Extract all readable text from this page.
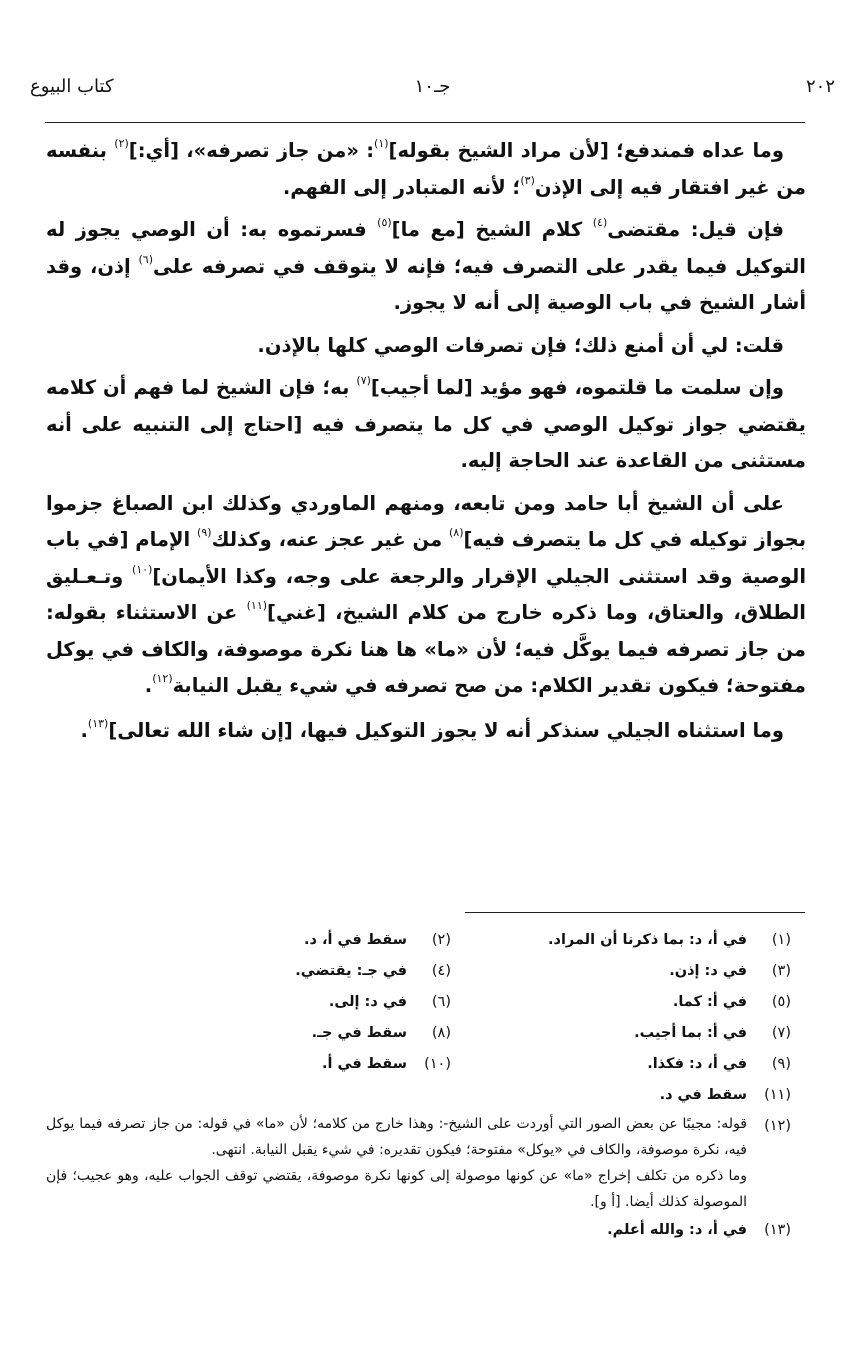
٢٠٢
جـ١٠
كتاب البيوع

وما عداه فمندفع؛ [لأن مراد الشيخ بقوله]$^{(١)}$: «من جاز تصرفه»، [أي:]$^{(٢)}$ بنفسه من غير افتقار فيه إلى الإذن$^{(٣)}$؛ لأنه المتبادر إلى الفهم.

فإن قيل: مقتضى$^{(٤)}$ كلام الشيخ [مع ما]$^{(٥)}$ فسرتموه به: أن الوصي يجوز له التوكيل فيما يقدر على التصرف فيه؛ فإنه لا يتوقف في تصرفه على$^{(٦)}$ إذن، وقد أشار الشيخ في باب الوصية إلى أنه لا يجوز.

قلت: لي أن أمنع ذلك؛ فإن تصرفات الوصي كلها بالإذن.

وإن سلمت ما قلتموه، فهو مؤيد [لما أجيب]$^{(٧)}$ به؛ فإن الشيخ لما فهم أن كلامه يقتضي جواز توكيل الوصي في كل ما يتصرف فيه [احتاج إلى التنبيه على أنه مستثنى من القاعدة عند الحاجة إليه.

على أن الشيخ أبا حامد ومن تابعه، ومنهم الماوردي وكذلك ابن الصباغ جزموا بجواز توكيله في كل ما يتصرف فيه]$^{(٨)}$ من غير عجز عنه، وكذلك$^{(٩)}$ الإمام [في باب الوصية وقد استثنى الجيلي الإقرار والرجعة على وجه، وكذا الأيمان]$^{(١٠)}$ وتـعـليق الطلاق، والعتاق، وما ذكره خارج من كلام الشيخ، [غني]$^{(١١)}$ عن الاستثناء بقوله: من جاز تصرفه فيما يوكَّل فيه؛ لأن «ما» ها هنا نكرة موصوفة، والكاف في يوكل مفتوحة؛ فيكون تقدير الكلام: من صح تصرفه في شيء يقبل النيابة$^{(١٢)}$.

وما استثناه الجيلي سنذكر أنه لا يجوز التوكيل فيها، [إن شاء الله تعالى]$^{(١٣)}$.

(١)
في أ، د: بما ذكرنا أن المراد.
(٢)
سقط في أ، د.
(٣)
في د: إذن.
(٤)
في جـ: يقتضي.
(٥)
في أ: كما.
(٦)
في د: إلى.
(٧)
في أ: بما أجيب.
(٨)
سقط في جـ.
(٩)
في أ، د: فكذا.
(١٠)
سقط في أ.
(١١)
سقط في د.
(١٢)
قوله: مجيبًا عن بعض الصور التي أوردت على الشيخ-: وهذا خارج من كلامه؛ لأن «ما» في قوله: من جاز تصرفه فيما يوكل فيه، نكرة موصوفة، والكاف في «يوكل» مفتوحة؛ فيكون تقديره: في شيء يقبل النيابة. انتهى.
وما ذكره من تكلف إخراج «ما» عن كونها موصولة إلى كونها نكرة موصوفة، يقتضي توقف الجواب عليه، وهو عجيب؛ فإن الموصولة كذلك أيضا. [أ و].
(١٣)
في أ، د: والله أعلم.
